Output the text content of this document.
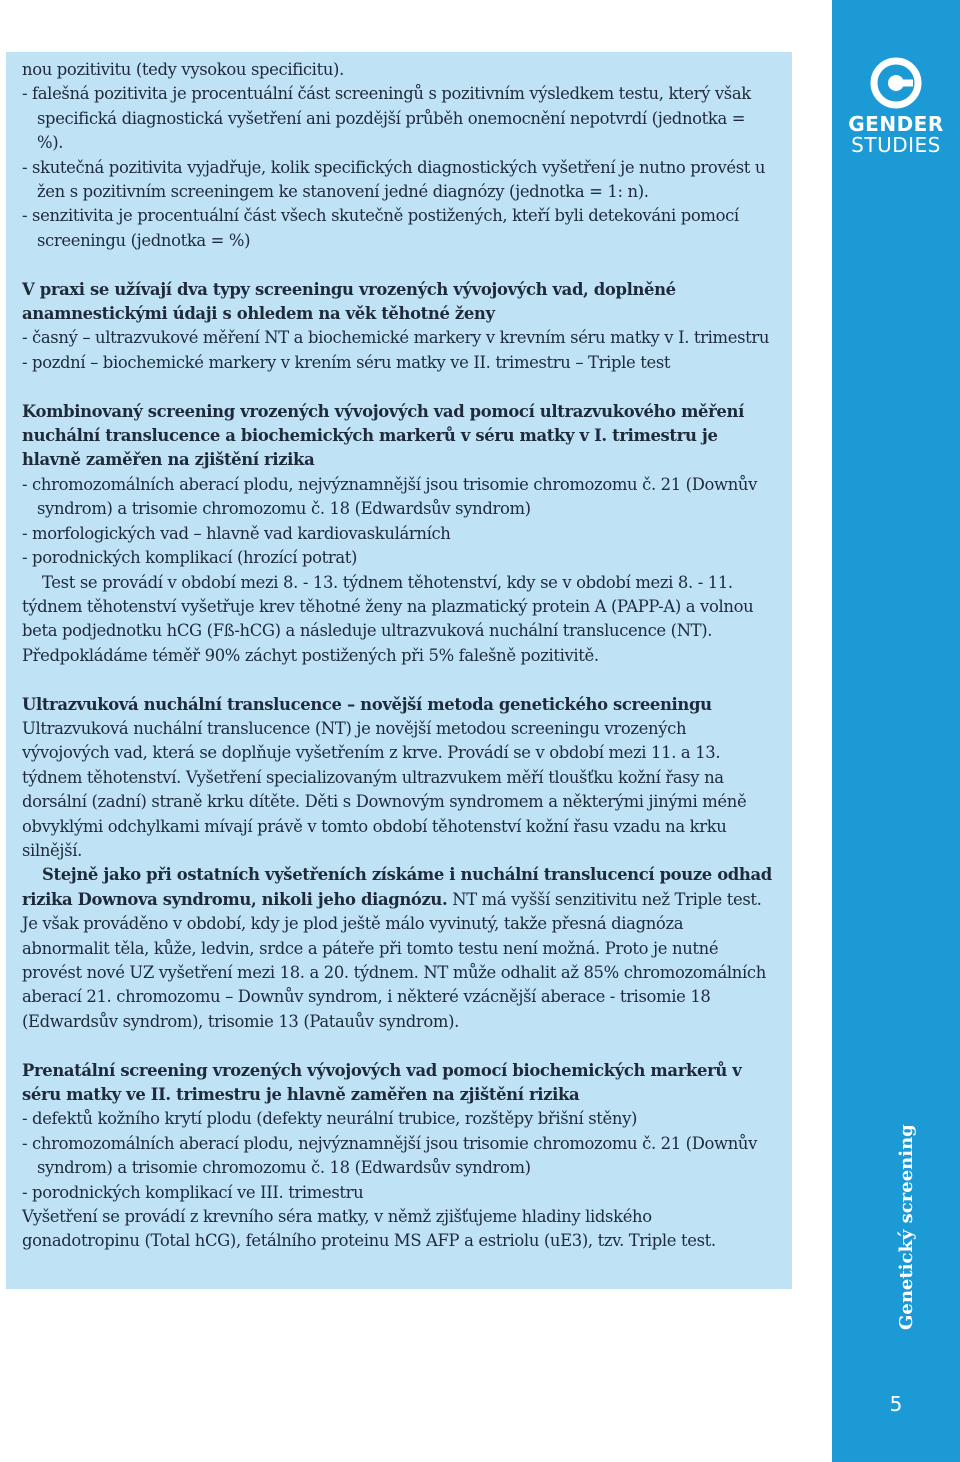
nou pozitivitu (tedy vysokou specificitu).

- falešná pozitivita je procentuální část screeningů s pozitivním výsledkem testu, který však specifická diagnostická vyšetření ani pozdější průběh onemocnění nepotvrdí (jednotka = %).

- skutečná pozitivita vyjadřuje, kolik specifických diagnostických vyšetření je nutno provést u žen s pozitivním screeningem ke stanovení jedné diagnózy (jednotka = 1: n).

- senzitivita je procentuální část všech skutečně postižených, kteří byli detekováni pomocí screeningu (jednotka = %)

V praxi se užívají dva typy screeningu vrozených vývojových vad, doplněné anamnestickými údaji s ohledem na věk těhotné ženy

- časný – ultrazvukové měření NT a biochemické markery v krevním séru matky v I. trimestru

- pozdní – biochemické markery v krením séru matky ve II. trimestru – Triple test

Kombinovaný screening vrozených vývojových vad pomocí ultrazvukového měření nuchální translucence a biochemických markerů v séru matky v I. trimestru je hlavně zaměřen na zjištění rizika

- chromozomálních aberací plodu, nejvýznamnější jsou trisomie chromozomu č. 21 (Downův syndrom) a trisomie chromozomu č. 18 (Edwardsův syndrom)

- morfologických vad – hlavně vad kardiovaskulárních

- porodnických komplikací (hrozící potrat)

Test se provádí v období mezi 8. - 13. týdnem těhotenství, kdy se v období mezi 8. - 11. týdnem těhotenství vyšetřuje krev těhotné ženy na plazmatický protein A (PAPP-A) a volnou beta podjednotku hCG (Fß-hCG) a následuje ultrazvuková nuchální translucence (NT). Předpokládáme téměř 90% záchyt postižených při 5% falešně pozitivitě.

Ultrazvuková nuchální translucence – novější metoda genetického screeningu

Ultrazvuková nuchální translucence (NT) je novější metodou screeningu vrozených vývojových vad, která se doplňuje vyšetřením z krve. Provádí se v období mezi 11. a 13. týdnem těhotenství. Vyšetření specializovaným ultrazvukem měří tloušťku kožní řasy na dorsální (zadní) straně krku dítěte. Děti s Downovým syndromem a některými jinými méně obvyklými odchylkami mívají právě v tomto období těhotenství kožní řasu vzadu na krku silnější.

Stejně jako při ostatních vyšetřeních získáme i nuchální translucencí pouze odhad rizika Downova syndromu, nikoli jeho diagnózu. NT má vyšší senzitivitu než Triple test. Je však prováděno v období, kdy je plod ještě málo vyvinutý, takže přesná diagnóza abnormalit těla, kůže, ledvin, srdce a páteře při tomto testu není možná. Proto je nutné provést nové UZ vyšetření mezi 18. a 20. týdnem. NT může odhalit až 85% chromozomálních aberací 21. chromozomu – Downův syndrom, i některé vzácnější aberace - trisomie 18 (Edwardsův syndrom), trisomie 13 (Patauův syndrom).

Prenatální screening vrozených vývojových vad pomocí biochemických markerů v séru matky ve II. trimestru je hlavně zaměřen na zjištění rizika

- defektů kožního krytí plodu (defekty neurální trubice, rozštěpy břišní stěny)

- chromozomálních aberací plodu, nejvýznamnější jsou trisomie chromozomu č. 21 (Downův syndrom) a trisomie chromozomu č. 18 (Edwardsův syndrom)

- porodnických komplikací ve III. trimestru

Vyšetření se provádí z krevního séra matky, v němž zjišťujeme hladiny lidského gonadotropinu (Total hCG), fetálního proteinu MS AFP a estriolu (uE3), tzv. Triple test.

GENDER
STUDIES
Genetický screening
5
